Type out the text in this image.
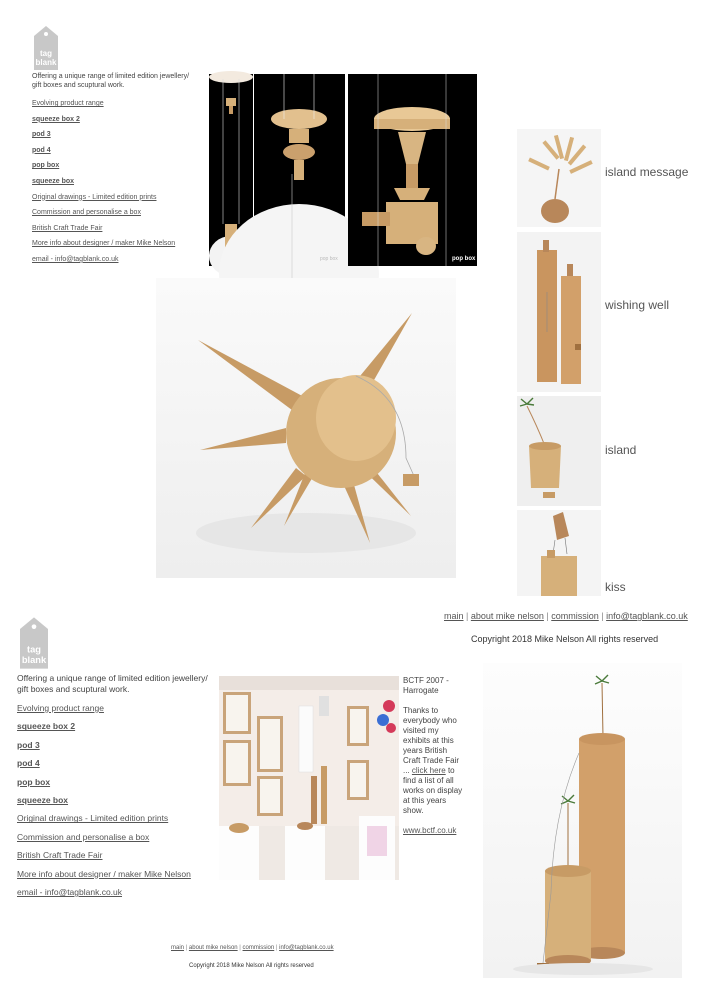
tag
blank
Offering a unique range of limited edition jewellery/ gift boxes and scuptural work.
Evolving product range
squeeze box 2
pod 3
pod 4
pop box
squeeze box
Original drawings - Limited edition prints
Commission and personalise a box
British Craft Trade Fair
More info about designer / maker Mike Nelson
email - info@tagblank.co.uk	pop box	pop box
island message
wishing well
island
kiss
main | about mike nelson | commission | info@tagblank.co.uk
Copyright 2018 Mike Nelson All rights reserved
tag
blank
Offering a unique range of limited edition jewellery/ gift boxes and scuptural work.
Evolving product range
squeeze box 2
pod 3
pod 4
pop box
squeeze box
Original drawings - Limited edition prints
Commission and personalise a box
British Craft Trade Fair
More info about designer / maker Mike Nelson
email - info@tagblank.co.uk

BCTF 2007 - Harrogate

Thanks to everybody who visited my exhibits at this years British Craft Trade Fair ... click here to find a list of all works on display at this years show.

www.bctf.co.uk

main | about mike nelson | commission | info@tagblank.co.uk
Copyright 2018 Mike Nelson All rights reserved
